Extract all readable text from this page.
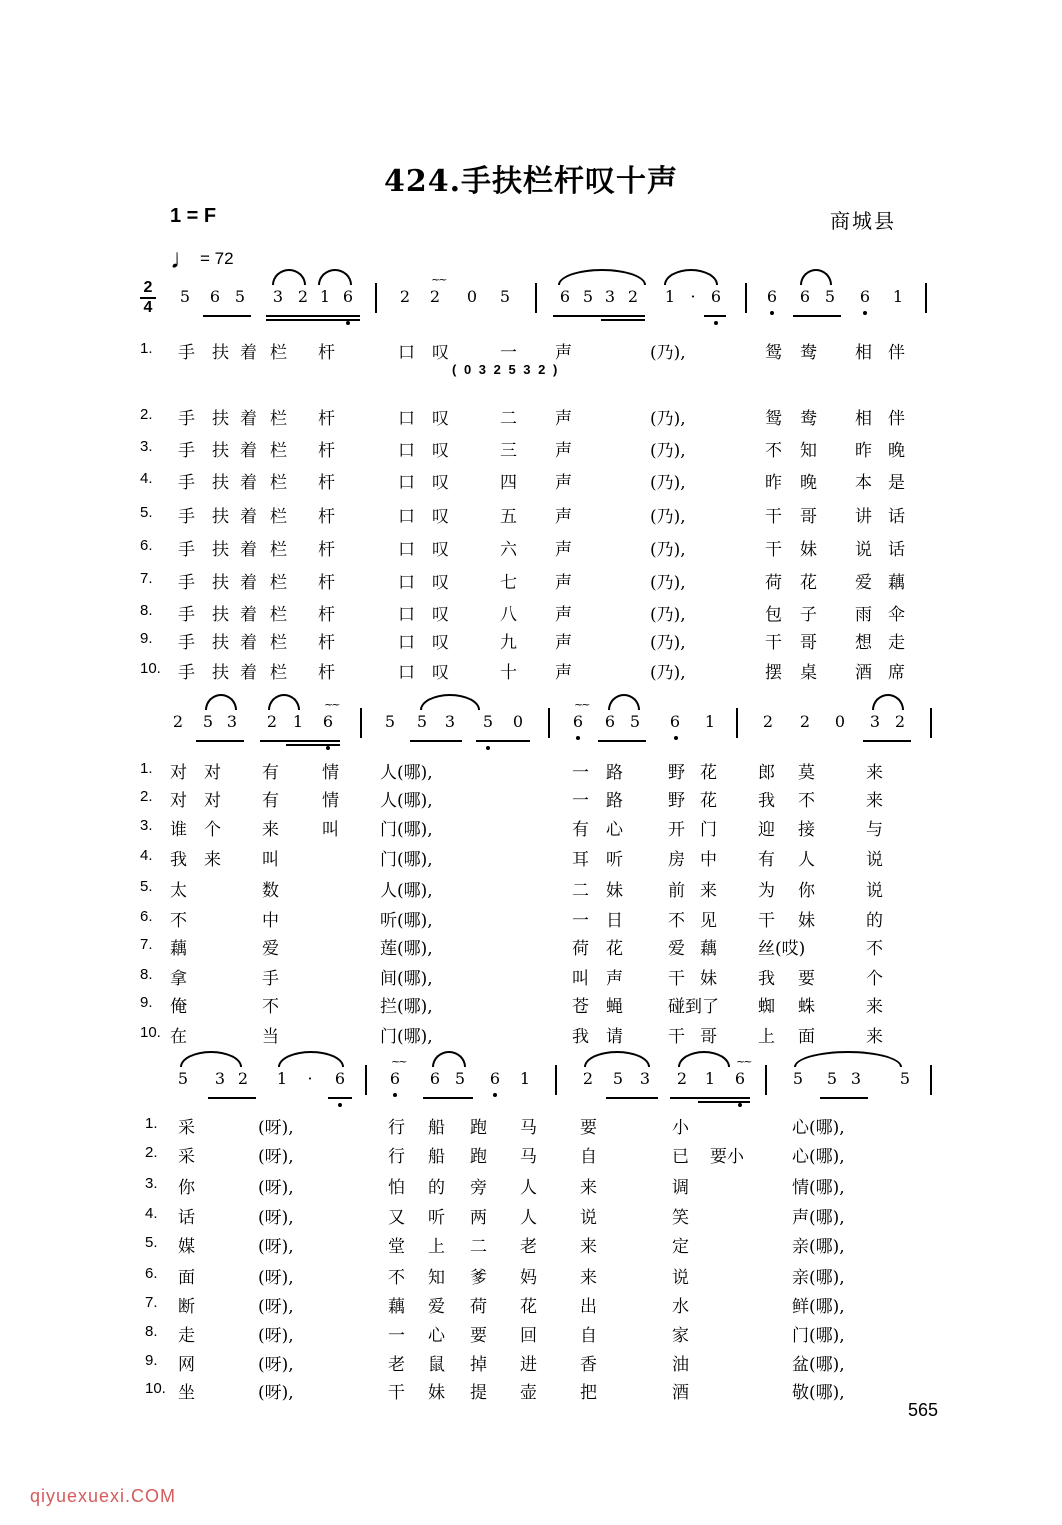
424.手扶栏杆叹十声
1 = F	商城县
♩ = 72
2
4
5	6 5	3 2 1 6	2	2	0	5	6 5 3 2	1 · 6	6	6 5	6	1
~~
( 0 3 2 5 3 2 )
2	5 3	2 1	6	5	5	3	5	0	6	6 5	6	1	2	2	0	3 2
~~	~~
5	3 2	1	·	6	6	6 5	6	1	2	5	3	2	1	6	5	5 3	5
~~	~~
1. 手 扶 着 栏 杆	口 叹	一 声	(乃),	鸳 鸯 相 伴
2. 手 扶 着 栏 杆	口 叹	二 声	(乃),	鸳 鸯 相 伴
3. 手 扶 着 栏 杆	口 叹	三 声	(乃),	不 知 昨 晚
4. 手 扶 着 栏 杆	口 叹	四 声	(乃),	昨 晚 本 是
5. 手 扶 着 栏 杆	口 叹	五 声	(乃),	干 哥 讲 话
6. 手 扶 着 栏 杆	口 叹	六 声	(乃),	干 妹 说 话
7. 手 扶 着 栏 杆	口 叹	七 声	(乃),	荷 花 爱 藕
8. 手 扶 着 栏 杆	口 叹	八 声	(乃),	包 子 雨 伞
9. 手 扶 着 栏 杆	口 叹	九 声	(乃),	干 哥 想 走
10. 手 扶 着 栏 杆	口 叹	十 声	(乃),	摆 桌 酒 席
1. 对 对 有	情 人(哪),	一 路	野 花 郎 莫	来
2. 对 对 有	情 人(哪),	一 路	野 花 我 不	来
3. 谁 个 来	叫 门(哪),	有 心	开 门 迎 接	与
4. 我 来 叫	门(哪),	耳 听	房 中 有 人	说
5. 太	数	人(哪),	二 妹	前 来 为 你	说
6. 不	中	听(哪),	一 日	不 见 干 妹	的
7. 藕	爱	莲(哪),	荷 花	爱 藕 丝(哎)	不
8. 拿	手	间(哪),	叫 声	干 妹 我 要	个
9. 俺	不	拦(哪),	苍 蝇	碰到了 蜘 蛛	来
10. 在	当	门(哪),	我 请	干 哥 上 面	来
1. 采	(呀),	行 船 跑 马	要	小	心(哪),
2. 采	(呀),	行 船 跑 马	自	已 要小	心(哪),
3. 你	(呀),	怕 的 旁 人	来	调	情(哪),
4. 话	(呀),	又 听 两 人	说	笑	声(哪),
5. 媒	(呀),	堂 上 二 老	来	定	亲(哪),
6. 面	(呀),	不 知 爹 妈	来	说	亲(哪),
7. 断	(呀),	藕 爱 荷 花	出	水	鲜(哪),
8. 走	(呀),	一 心 要 回	自	家	门(哪),
9. 网	(呀),	老 鼠 掉 进	香	油	盆(哪),
10. 坐	(呀),	干 妹 提 壶	把	酒	敬(哪),
565
qiyuexuexi.COM
